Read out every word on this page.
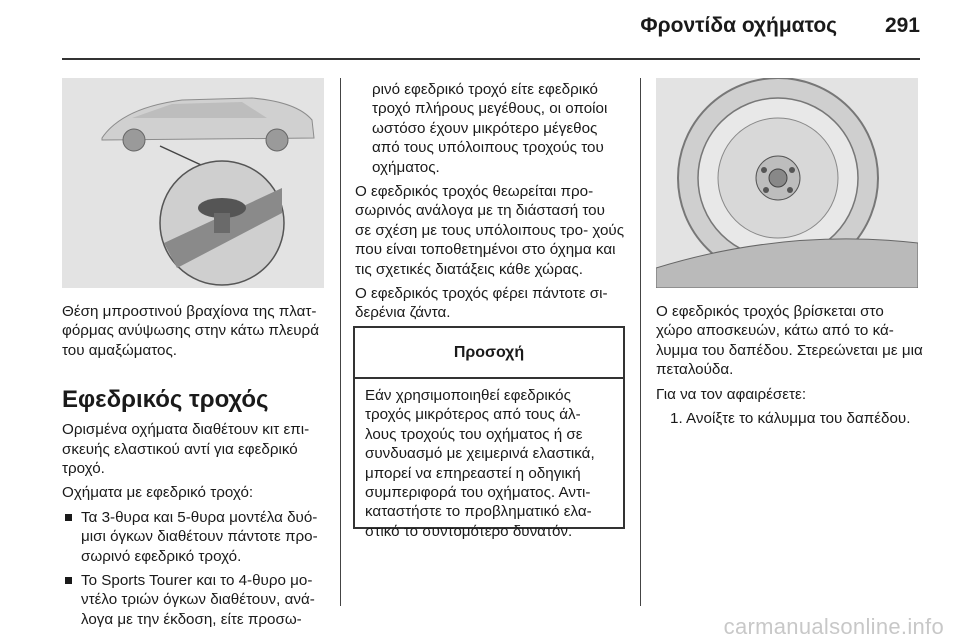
Φροντίδα οχήματος 291

Θέση μπροστινού βραχίονα της πλατ- φόρμας ανύψωσης στην κάτω πλευρά του αμαξώματος.

Εφεδρικός τροχός

Ορισμένα οχήματα διαθέτουν κιτ επι- σκευής ελαστικού αντί για εφεδρικό τροχό.

Οχήματα με εφεδρικό τροχό:

Τα 3-θυρα και 5-θυρα μοντέλα δυό- μισι όγκων διαθέτουν πάντοτε προ- σωρινό εφεδρικό τροχό.
Το Sports Tourer και το 4-θυρο μο- ντέλο τριών όγκων διαθέτουν, ανά- λογα με την έκδοση, είτε προσω-

ρινό εφεδρικό τροχό είτε εφεδρικό τροχό πλήρους μεγέθους, οι οποίοι ωστόσο έχουν μικρότερο μέγεθος από τους υπόλοιπους τροχούς του οχήματος.

Ο εφεδρικός τροχός θεωρείται προ- σωρινός ανάλογα με τη διάστασή του σε σχέση με τους υπόλοιπους τρο- χούς που είναι τοποθετημένοι στο όχημα και τις σχετικές διατάξεις κάθε χώρας.

Ο εφεδρικός τροχός φέρει πάντοτε σι- δερένια ζάντα.

Προσοχή
Εάν χρησιμοποιηθεί εφεδρικός τροχός μικρότερος από τους άλ- λους τροχούς του οχήματος ή σε συνδυασμό με χειμερινά ελαστικά, μπορεί να επηρεαστεί η οδηγική συμπεριφορά του οχήματος. Αντι- καταστήστε το προβληματικό ελα- στικό το συντομότερο δυνατόν.

Ο εφεδρικός τροχός βρίσκεται στο χώρο αποσκευών, κάτω από το κά- λυμμα του δαπέδου. Στερεώνεται με μια πεταλούδα.

Για να τον αφαιρέσετε:

1. Ανοίξτε το κάλυμμα του δαπέδου.

carmanualsonline.info
